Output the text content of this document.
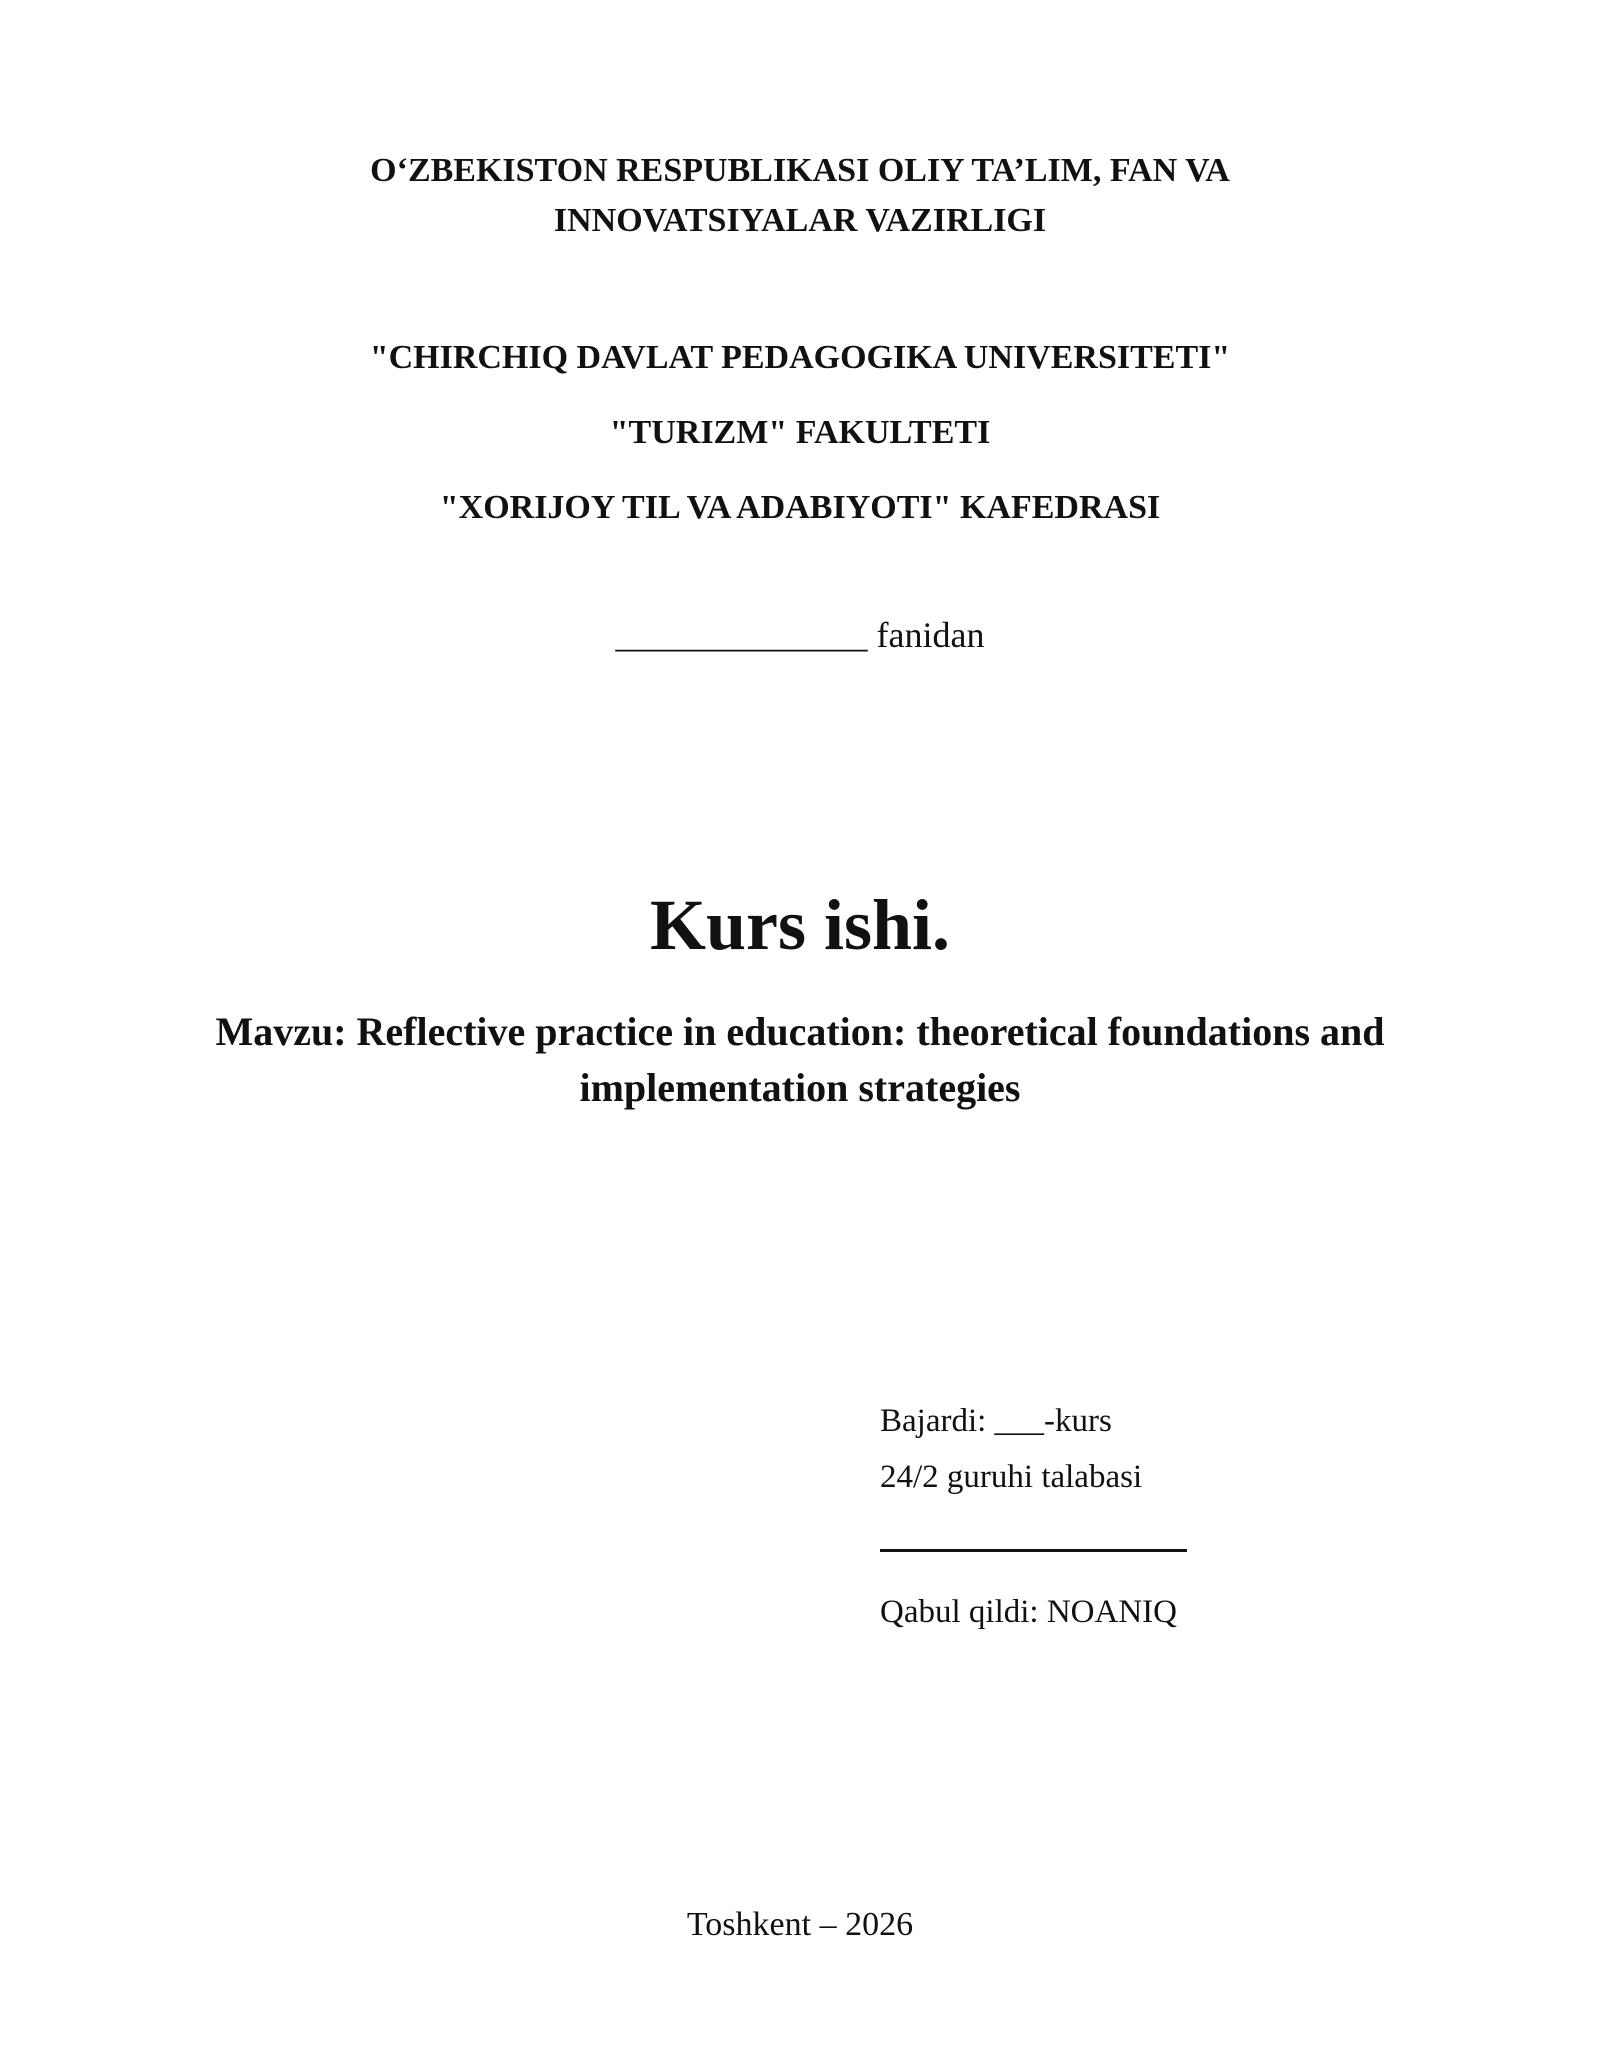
O‘ZBEKISTON RESPUBLIKASI OLIY TA’LIM, FAN VA
INNOVATSIYALAR VAZIRLIGI
"CHIRCHIQ DAVLAT PEDAGOGIKA UNIVERSITETI"
"TURIZM" FAKULTETI
"XORIJOY TIL VA ADABIYOTI" KAFEDRASI
______________ fanidan
Kurs ishi.
Mavzu: Reflective practice in education: theoretical foundations and
implementation strategies
Bajardi: ___-kurs
24/2 guruhi talabasi
Qabul qildi: NOANIQ
Toshkent – 2026
